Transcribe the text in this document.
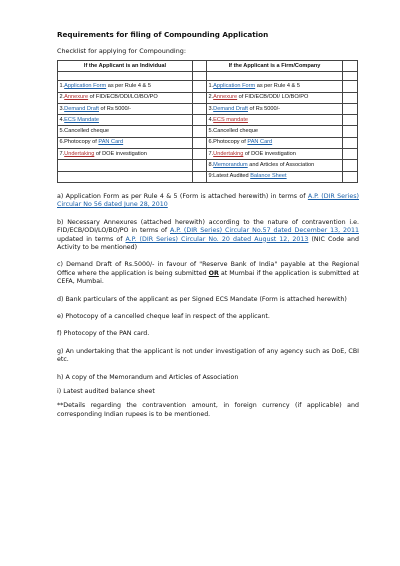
Requirements for filing of Compounding Application
Checklist for applying for Compounding:
If the Applicant is an Individual		If the Applicant is a Firm/Company	

1.Application Form as per Rule 4 & 5		1.Application Form as per Rule 4 & 5	
2.Annexure of FID/ECB/ODI/LO/BO/PO		2.Annexure of FID/ECB/ODI/ LO/BO/PO	
3.Demand Draft of Rs 5000/-		3.Demand Draft of Rs 5000/-	
4.ECS Mandate		4.ECS mandate	
5.Cancelled cheque		5.Cancelled cheque	
6.Photocopy of PAN Card		6.Photocopy of PAN Card	
7.Undertaking of DOE investigation		7.Undertaking of DOE investigation	
		8.Memorandum and Articles of Association	
		9:Latest Audited Balance Sheet	

a) Application Form as per Rule 4 & 5 (Form is attached herewith) in terms of A.P. (DIR Series) Circular No 56 dated June 28, 2010

b) Necessary Annexures (attached herewith) according to the nature of contravention i.e. FID/ECB/ODI/LO/BO/PO in terms of A.P. (DIR Series) Circular No.57 dated December 13, 2011 updated in terms of A.P. (DIR Series) Circular No. 20 dated August 12, 2013 (NIC Code and Activity to be mentioned)

c) Demand Draft of Rs.5000/- in favour of "Reserve Bank of India" payable at the Regional Office where the application is being submitted OR at Mumbai if the application is submitted at CEFA, Mumbai.

d) Bank particulars of the applicant as per Signed ECS Mandate (Form is attached herewith)

e) Photocopy of a cancelled cheque leaf in respect of the applicant.

f) Photocopy of the PAN card.

g) An undertaking that the applicant is not under investigation of any agency such as DoE, CBI etc.

h) A copy of the Memorandum and Articles of Association

i) Latest audited balance sheet

**Details regarding the contravention amount, in foreign currency (if applicable) and corresponding Indian rupees is to be mentioned.
